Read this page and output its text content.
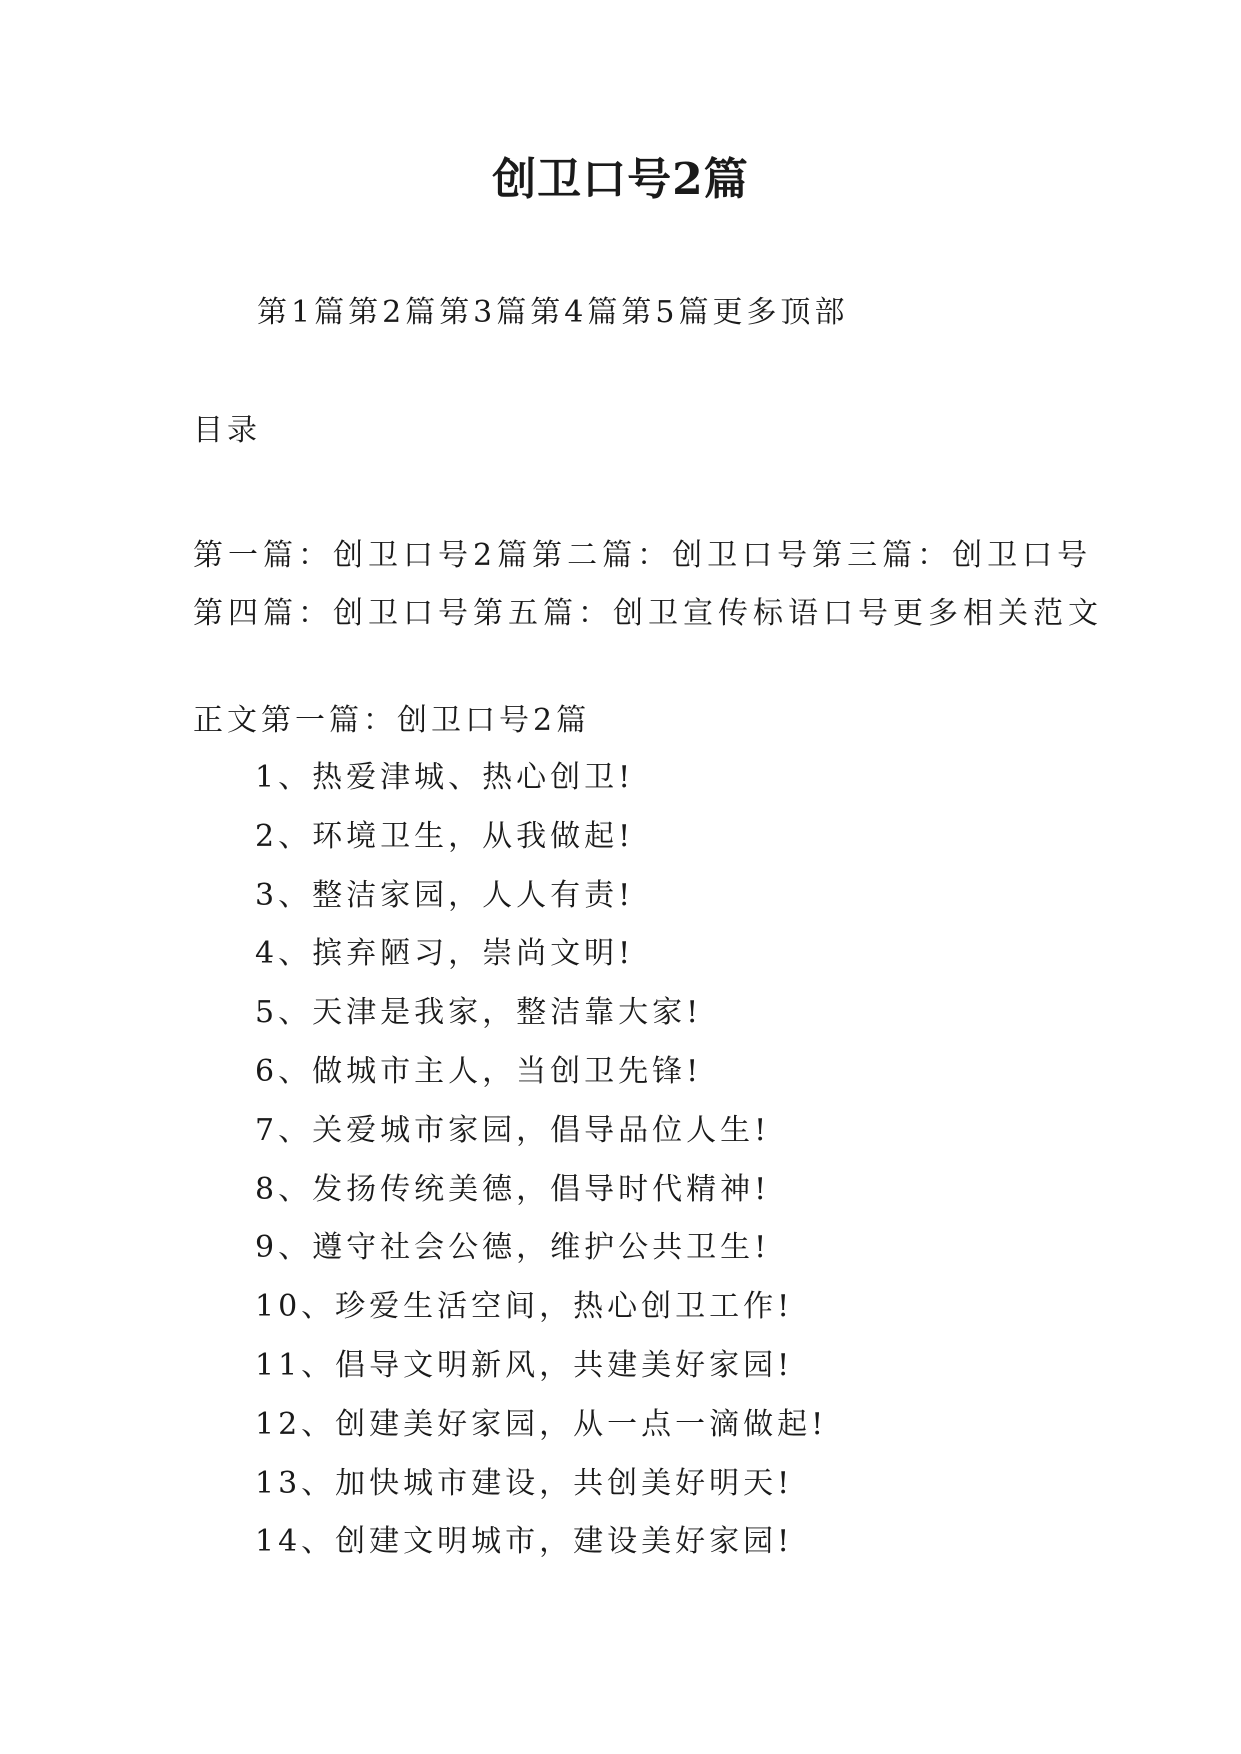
创卫口号2篇
第1篇第2篇第3篇第4篇第5篇更多顶部
目录
第一篇：创卫口号2篇第二篇：创卫口号第三篇：创卫口号
第四篇：创卫口号第五篇：创卫宣传标语口号更多相关范文
正文第一篇：创卫口号2篇
1、热爱津城、热心创卫!
2、环境卫生，从我做起!
3、整洁家园，人人有责!
4、摈弃陋习，崇尚文明!
5、天津是我家，整洁靠大家!
6、做城市主人，当创卫先锋!
7、关爱城市家园，倡导品位人生!
8、发扬传统美德，倡导时代精神!
9、遵守社会公德，维护公共卫生!
10、珍爱生活空间，热心创卫工作!
11、倡导文明新风，共建美好家园!
12、创建美好家园，从一点一滴做起!
13、加快城市建设，共创美好明天!
14、创建文明城市，建设美好家园!
